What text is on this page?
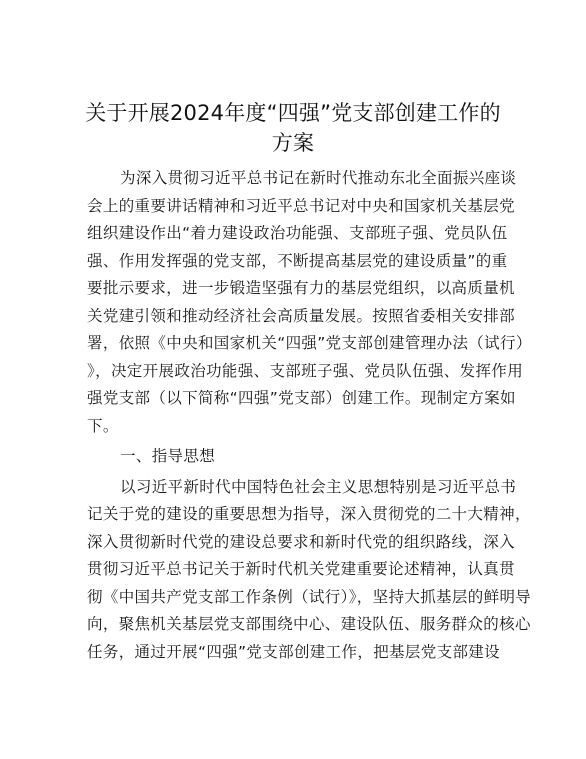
关于开展2024年度“四强”党支部创建工作的
方案
为深入贯彻习近平总书记在新时代推动东北全面振兴座谈
会上的重要讲话精神和习近平总书记对中央和国家机关基层党
组织建设作出“着力建设政治功能强、支部班子强、党员队伍
强、作用发挥强的党支部，不断提高基层党的建设质量”的重
要批示要求，进一步锻造坚强有力的基层党组织，以高质量机
关党建引领和推动经济社会高质量发展。按照省委相关安排部
署，依照《中央和国家机关“四强”党支部创建管理办法（试行）
》，决定开展政治功能强、支部班子强、党员队伍强、发挥作用
强党支部（以下简称“四强”党支部）创建工作。现制定方案如
下。
一、指导思想
以习近平新时代中国特色社会主义思想特别是习近平总书
记关于党的建设的重要思想为指导，深入贯彻党的二十大精神，
深入贯彻新时代党的建设总要求和新时代党的组织路线，深入
贯彻习近平总书记关于新时代机关党建重要论述精神，认真贯
彻《中国共产党支部工作条例（试行）》，坚持大抓基层的鲜明导
向，聚焦机关基层党支部围绕中心、建设队伍、服务群众的核心
任务，通过开展“四强”党支部创建工作，把基层党支部建设
